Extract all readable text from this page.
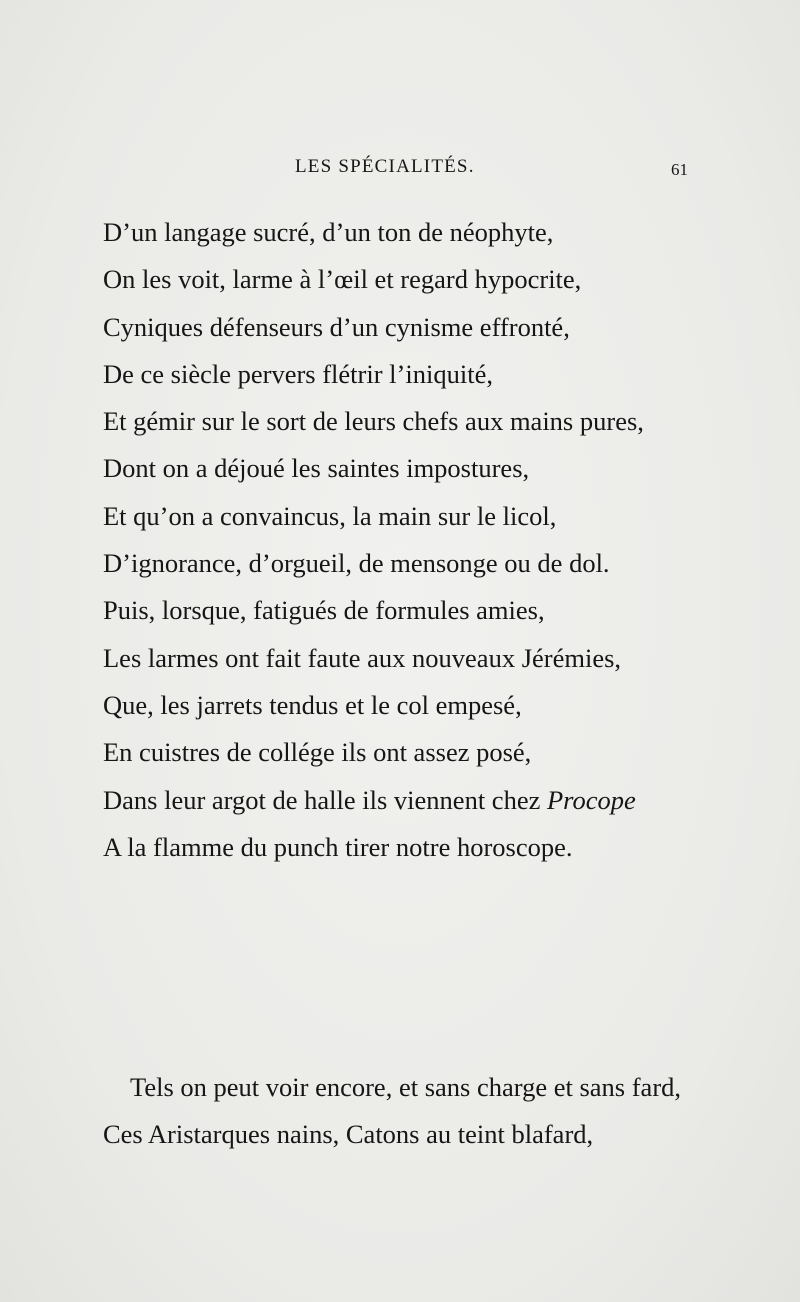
LES SPÉCIALITÉS.	61
D’un langage sucré, d’un ton de néophyte,
On les voit, larme à l’œil et regard hypocrite,
Cyniques défenseurs d’un cynisme effronté,
De ce siècle pervers flétrir l’iniquité,
Et gémir sur le sort de leurs chefs aux mains pures,
Dont on a déjoué les saintes impostures,
Et qu’on a convaincus, la main sur le licol,
D’ignorance, d’orgueil, de mensonge ou de dol.
Puis, lorsque, fatigués de formules amies,
Les larmes ont fait faute aux nouveaux Jérémies,
Que, les jarrets tendus et le col empesé,
En cuistres de collége ils ont assez posé,
Dans leur argot de halle ils viennent chez Procope
A la flamme du punch tirer notre horoscope.
Tels on peut voir encore, et sans charge et sans fard,
Ces Aristarques nains, Catons au teint blafard,
